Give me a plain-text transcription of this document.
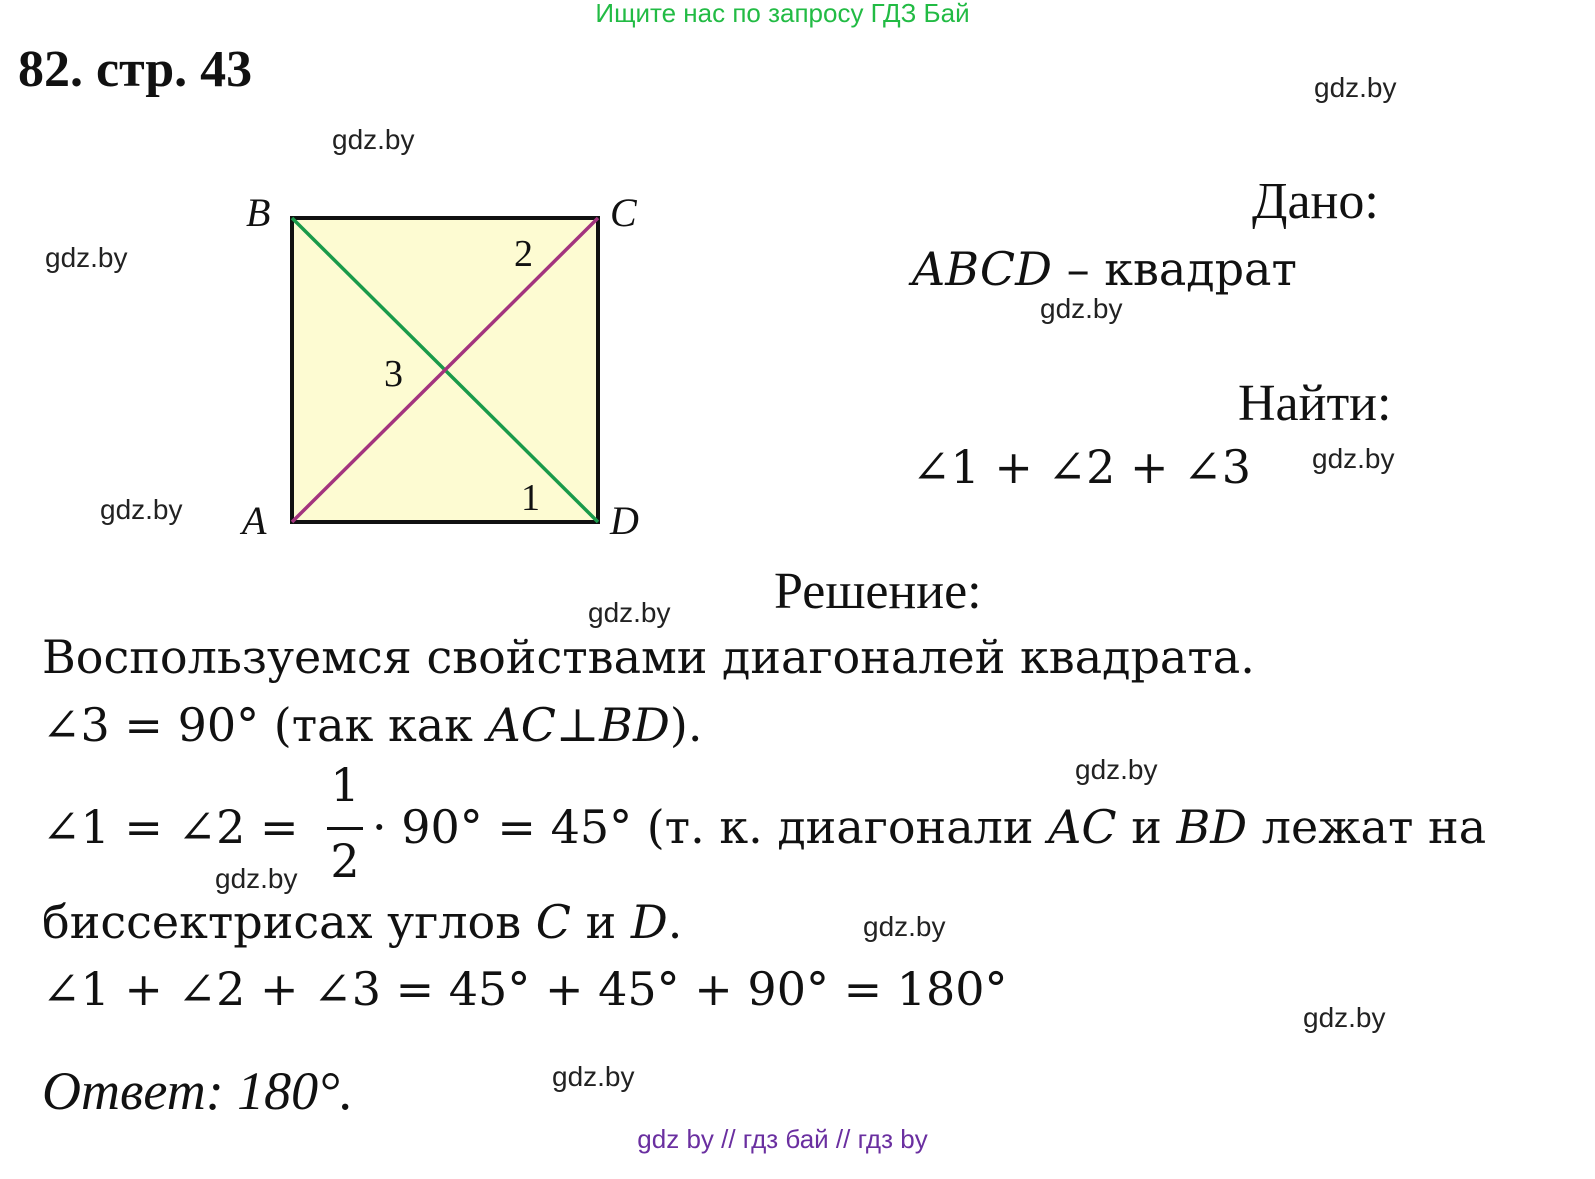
Ищите нас по запросу ГДЗ Бай
82. стр. 43	gdz.by
gdz.by
gdz.by
gdz.by
gdz.by
gdz.by
gdz.by
gdz.by
gdz.by
gdz.by
gdz.by
gdz.by
B	C
A	D
2
3
1
Дано:
ABCD – квадрат
Найти:
∠1 + ∠2 + ∠3
Решение:
Воспользуемся свойствами диагоналей квадрата.
∠3 = 90° (так как AC⊥BD).
∠1 = ∠2 =
1
2
· 90° = 45° (т. к. диагонали AC и BD лежат на
биссектрисах углов C и D.
∠1 + ∠2 + ∠3 = 45° + 45° + 90° = 180°
Ответ: 180°.
gdz by // гдз бай // гдз by
